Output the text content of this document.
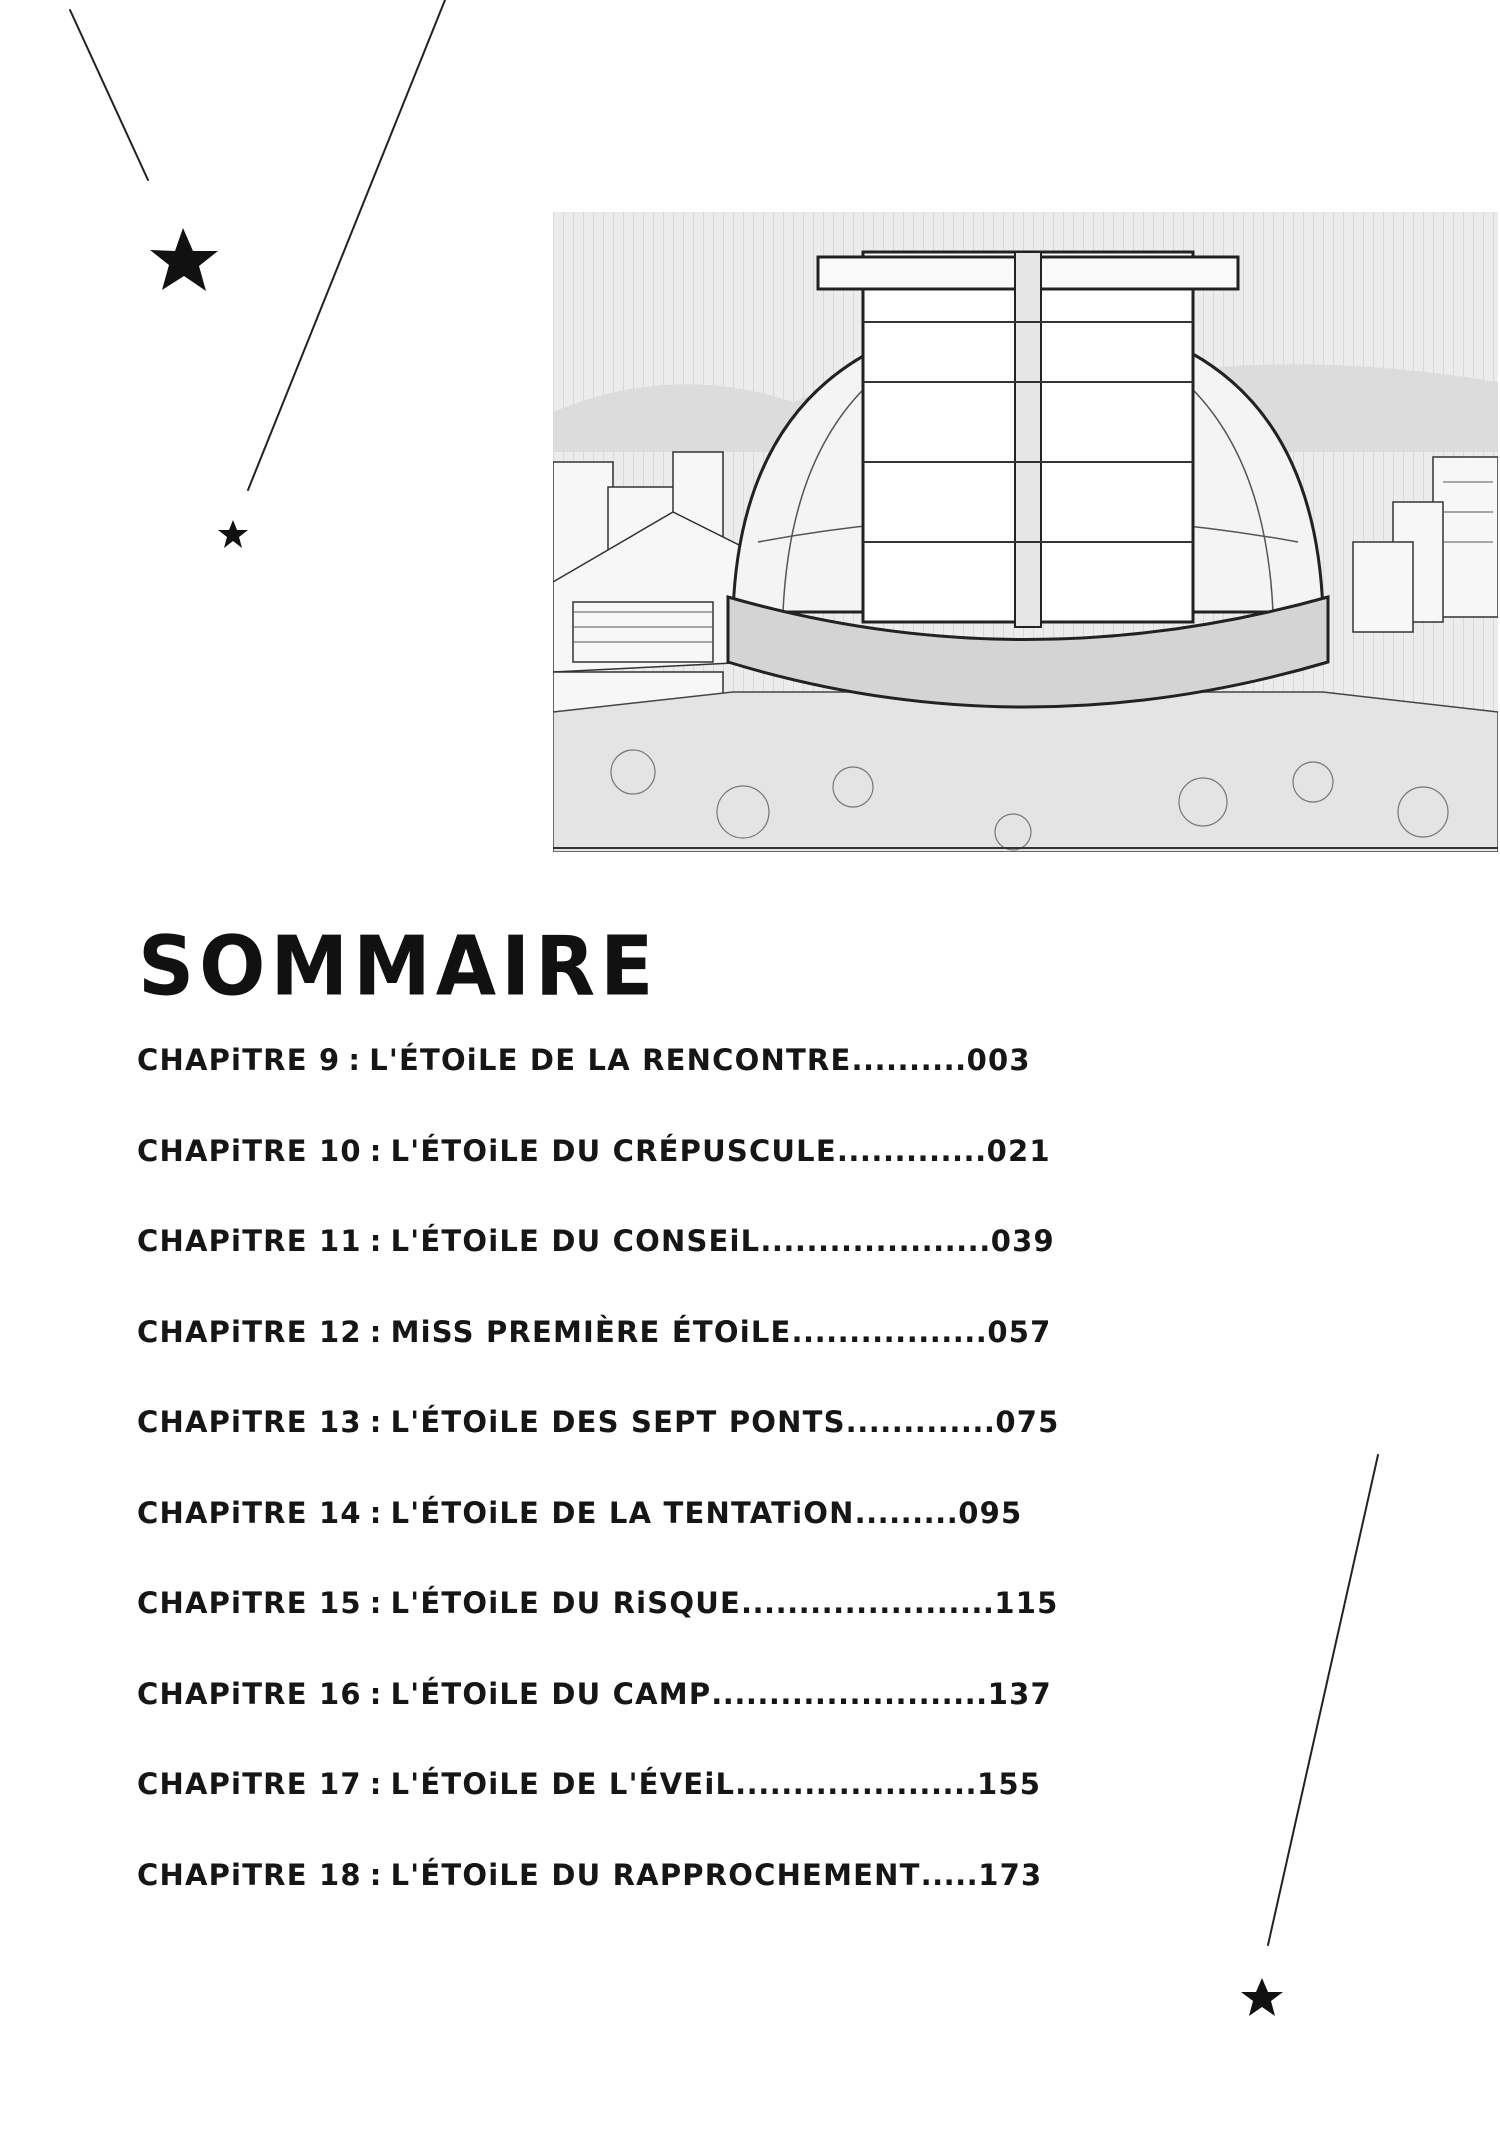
SOMMAIRE
CHAPiTRE 9 : L'ÉTOiLE DE LA RENCONTRE .......... 003
CHAPiTRE 10 : L'ÉTOiLE DU CRÉPUSCULE ............. 021
CHAPiTRE 11 : L'ÉTOiLE DU CONSEiL .................... 039
CHAPiTRE 12 : MiSS PREMIÈRE ÉTOiLE ................. 057
CHAPiTRE 13 : L'ÉTOiLE DES SEPT PONTS ............. 075
CHAPiTRE 14 : L'ÉTOiLE DE LA TENTATiON ......... 095
CHAPiTRE 15 : L'ÉTOiLE DU RiSQUE ...................... 115
CHAPiTRE 16 : L'ÉTOiLE DU CAMP ........................ 137
CHAPiTRE 17 : L'ÉTOiLE DE L'ÉVEiL ..................... 155
CHAPiTRE 18 : L'ÉTOiLE DU RAPPROCHEMENT ..... 173
